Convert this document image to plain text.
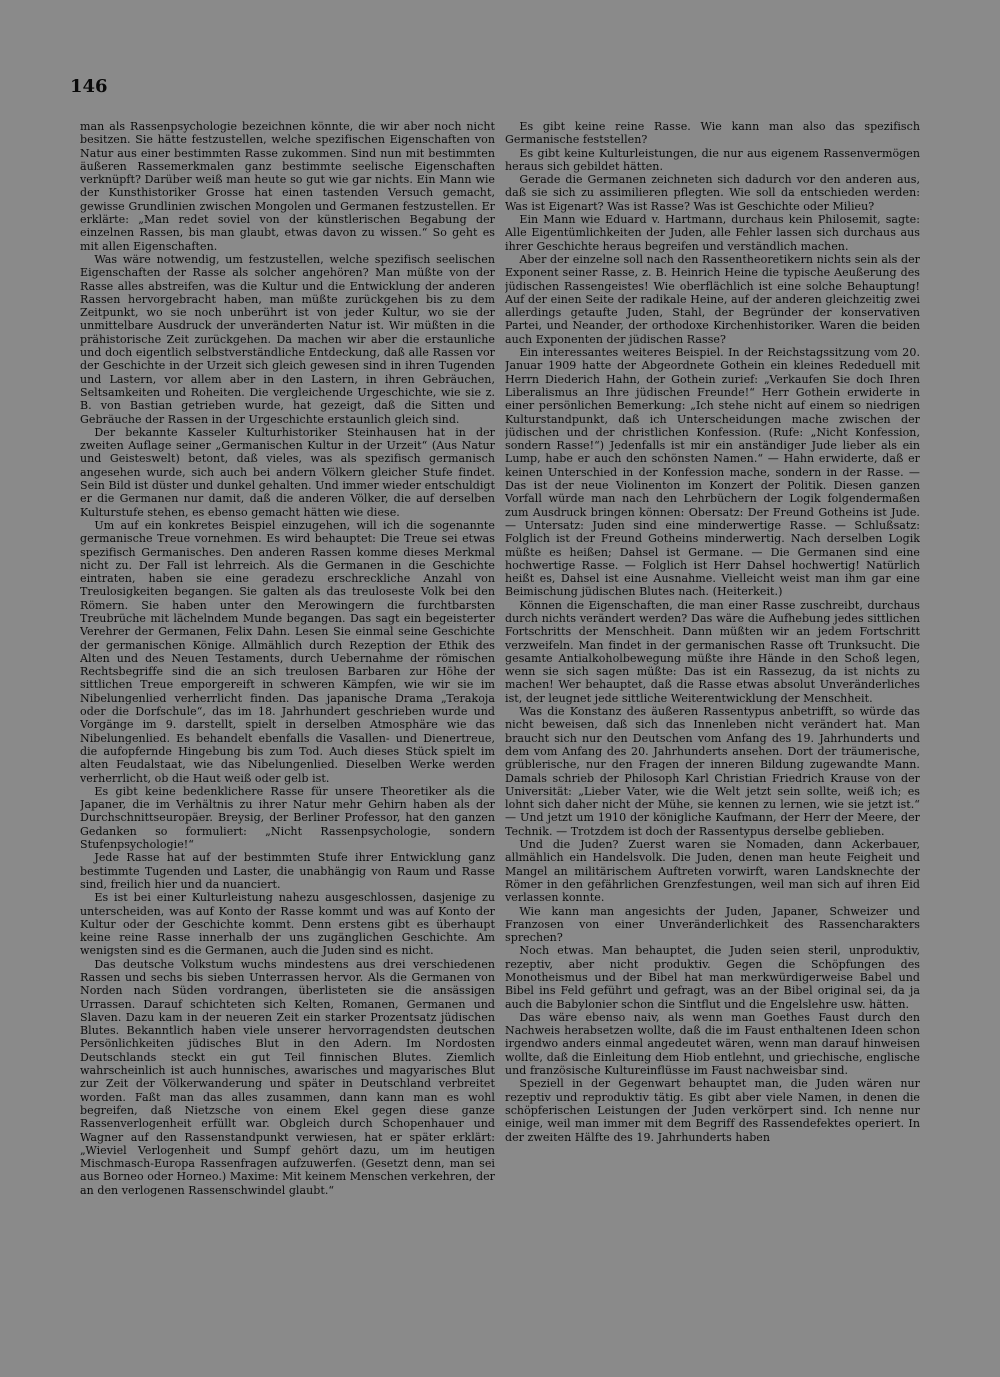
146

man als Rassenpsychologie bezeichnen könnte, die wir aber noch nicht besitzen. Sie hätte festzustellen, welche spezifischen Eigenschaften von Natur aus einer bestimmten Rasse zukommen. Sind nun mit bestimmten äußeren Rassemerkmalen ganz bestimmte seelische Eigenschaften verknüpft? Darüber weiß man heute so gut wie gar nichts. Ein Mann wie der Kunsthistoriker Grosse hat einen tastenden Versuch gemacht, gewisse Grundlinien zwischen Mongolen und Germanen festzustellen. Er erklärte: „Man redet soviel von der künstlerischen Begabung der einzelnen Rassen, bis man glaubt, etwas davon zu wissen.“ So geht es mit allen Eigenschaften.

Was wäre notwendig, um festzustellen, welche spezifisch seelischen Eigenschaften der Rasse als solcher angehören? Man müßte von der Rasse alles abstreifen, was die Kultur und die Entwicklung der anderen Rassen hervorgebracht haben, man müßte zurückgehen bis zu dem Zeitpunkt, wo sie noch unberührt ist von jeder Kultur, wo sie der unmittelbare Ausdruck der unveränderten Natur ist. Wir müßten in die prähistorische Zeit zurückgehen. Da machen wir aber die erstaunliche und doch eigentlich selbstverständliche Entdeckung, daß alle Rassen vor der Geschichte in der Urzeit sich gleich gewesen sind in ihren Tugenden und Lastern, vor allem aber in den Lastern, in ihren Gebräuchen, Seltsamkeiten und Roheiten. Die vergleichende Urgeschichte, wie sie z. B. von Bastian getrieben wurde, hat gezeigt, daß die Sitten und Gebräuche der Rassen in der Urgeschichte erstaunlich gleich sind.

Der bekannte Kasseler Kulturhistoriker Steinhausen hat in der zweiten Auflage seiner „Germanischen Kultur in der Urzeit“ (Aus Natur und Geisteswelt) betont, daß vieles, was als spezifisch germanisch angesehen wurde, sich auch bei andern Völkern gleicher Stufe findet. Sein Bild ist düster und dunkel gehalten. Und immer wieder entschuldigt er die Germanen nur damit, daß die anderen Völker, die auf derselben Kulturstufe stehen, es ebenso gemacht hätten wie diese.

Um auf ein konkretes Beispiel einzugehen, will ich die sogenannte germanische Treue vornehmen. Es wird behauptet: Die Treue sei etwas spezifisch Germanisches. Den anderen Rassen komme dieses Merkmal nicht zu. Der Fall ist lehrreich. Als die Germanen in die Geschichte eintraten, haben sie eine geradezu erschreckliche Anzahl von Treulosigkeiten begangen. Sie galten als das treuloseste Volk bei den Römern. Sie haben unter den Merowingern die furchtbarsten Treubrüche mit lächelndem Munde begangen. Das sagt ein begeisterter Verehrer der Germanen, Felix Dahn. Lesen Sie einmal seine Geschichte der germanischen Könige. Allmählich durch Rezeption der Ethik des Alten und des Neuen Testaments, durch Uebernahme der römischen Rechtsbegriffe sind die an sich treulosen Barbaren zur Höhe der sittlichen Treue emporgereift in schweren Kämpfen, wie wir sie im Nibelungenlied verherrlicht finden. Das japanische Drama „Terakoja oder die Dorfschule“, das im 18. Jahrhundert geschrieben wurde und Vorgänge im 9. darstellt, spielt in derselben Atmosphäre wie das Nibelungenlied. Es behandelt ebenfalls die Vasallen- und Dienertreue, die aufopfernde Hingebung bis zum Tod. Auch dieses Stück spielt im alten Feudalstaat, wie das Nibelungenlied. Dieselben Werke werden verherrlicht, ob die Haut weiß oder gelb ist.

Es gibt keine bedenklichere Rasse für unsere Theoretiker als die Japaner, die im Verhältnis zu ihrer Natur mehr Gehirn haben als der Durchschnittseuropäer. Breysig, der Berliner Professor, hat den ganzen Gedanken so formuliert: „Nicht Rassenpsychologie, sondern Stufenpsychologie!“

Jede Rasse hat auf der bestimmten Stufe ihrer Entwicklung ganz bestimmte Tugenden und Laster, die unabhängig von Raum und Rasse sind, freilich hier und da nuanciert.

Es ist bei einer Kulturleistung nahezu ausgeschlossen, dasjenige zu unterscheiden, was auf Konto der Rasse kommt und was auf Konto der Kultur oder der Geschichte kommt. Denn erstens gibt es überhaupt keine reine Rasse innerhalb der uns zugänglichen Geschichte. Am wenigsten sind es die Germanen, auch die Juden sind es nicht.

Das deutsche Volkstum wuchs mindestens aus drei verschiedenen Rassen und sechs bis sieben Unterrassen hervor. Als die Germanen von Norden nach Süden vordrangen, überlisteten sie die ansässigen Urrassen. Darauf schichteten sich Kelten, Romanen, Germanen und Slaven. Dazu kam in der neueren Zeit ein starker Prozentsatz jüdischen Blutes. Bekanntlich haben viele unserer hervorragendsten deutschen Persönlichkeiten jüdisches Blut in den Adern. Im Nordosten Deutschlands steckt ein gut Teil finnischen Blutes. Ziemlich wahrscheinlich ist auch hunnisches, awarisches und magyarisches Blut zur Zeit der Völkerwanderung und später in Deutschland verbreitet worden. Faßt man das alles zusammen, dann kann man es wohl begreifen, daß Nietzsche von einem Ekel gegen diese ganze Rassenverlogenheit erfüllt war. Obgleich durch Schopenhauer und Wagner auf den Rassenstandpunkt verwiesen, hat er später erklärt: „Wieviel Verlogenheit und Sumpf gehört dazu, um im heutigen Mischmasch-Europa Rassenfragen aufzuwerfen. (Gesetzt denn, man sei aus Borneo oder Horneo.) Maxime: Mit keinem Menschen verkehren, der an den verlogenen Rassenschwindel glaubt.“

Es gibt keine reine Rasse. Wie kann man also das spezifisch Germanische feststellen?

Es gibt keine Kulturleistungen, die nur aus eigenem Rassenvermögen heraus sich gebildet hätten.

Gerade die Germanen zeichneten sich dadurch vor den anderen aus, daß sie sich zu assimilieren pflegten. Wie soll da entschieden werden: Was ist Eigenart? Was ist Rasse? Was ist Geschichte oder Milieu?

Ein Mann wie Eduard v. Hartmann, durchaus kein Philosemit, sagte: Alle Eigentümlichkeiten der Juden, alle Fehler lassen sich durchaus aus ihrer Geschichte heraus begreifen und verständlich machen.

Aber der einzelne soll nach den Rassentheoretikern nichts sein als der Exponent seiner Rasse, z. B. Heinrich Heine die typische Aeußerung des jüdischen Rassengeistes! Wie oberflächlich ist eine solche Behauptung! Auf der einen Seite der radikale Heine, auf der anderen gleichzeitig zwei allerdings getaufte Juden, Stahl, der Begründer der konservativen Partei, und Neander, der orthodoxe Kirchenhistoriker. Waren die beiden auch Exponenten der jüdischen Rasse?

Ein interessantes weiteres Beispiel. In der Reichstagssitzung vom 20. Januar 1909 hatte der Abgeordnete Gothein ein kleines Rededuell mit Herrn Diederich Hahn, der Gothein zurief: „Verkaufen Sie doch Ihren Liberalismus an Ihre jüdischen Freunde!“ Herr Gothein erwiderte in einer persönlichen Bemerkung: „Ich stehe nicht auf einem so niedrigen Kulturstandpunkt, daß ich Unterscheidungen mache zwischen der jüdischen und der christlichen Konfession. (Rufe: „Nicht Konfession, sondern Rasse!“) Jedenfalls ist mir ein anständiger Jude lieber als ein Lump, habe er auch den schönsten Namen.“ — Hahn erwiderte, daß er keinen Unterschied in der Konfession mache, sondern in der Rasse. — Das ist der neue Violinenton im Konzert der Politik. Diesen ganzen Vorfall würde man nach den Lehrbüchern der Logik folgendermaßen zum Ausdruck bringen können: Obersatz: Der Freund Gotheins ist Jude. — Untersatz: Juden sind eine minderwertige Rasse. — Schlußsatz: Folglich ist der Freund Gotheins minderwertig. Nach derselben Logik müßte es heißen; Dahsel ist Germane. — Die Germanen sind eine hochwertige Rasse. — Folglich ist Herr Dahsel hochwertig! Natürlich heißt es, Dahsel ist eine Ausnahme. Vielleicht weist man ihm gar eine Beimischung jüdischen Blutes nach. (Heiterkeit.)

Können die Eigenschaften, die man einer Rasse zuschreibt, durchaus durch nichts verändert werden? Das wäre die Aufhebung jedes sittlichen Fortschritts der Menschheit. Dann müßten wir an jedem Fortschritt verzweifeln. Man findet in der germanischen Rasse oft Trunksucht. Die gesamte Antialkoholbewegung müßte ihre Hände in den Schoß legen, wenn sie sich sagen müßte: Das ist ein Rassezug, da ist nichts zu machen! Wer behauptet, daß die Rasse etwas absolut Unveränderliches ist, der leugnet jede sittliche Weiterentwicklung der Menschheit.

Was die Konstanz des äußeren Rassentypus anbetrifft, so würde das nicht beweisen, daß sich das Innenleben nicht verändert hat. Man braucht sich nur den Deutschen vom Anfang des 19. Jahrhunderts und dem vom Anfang des 20. Jahrhunderts ansehen. Dort der träumerische, grüblerische, nur den Fragen der inneren Bildung zugewandte Mann. Damals schrieb der Philosoph Karl Christian Friedrich Krause von der Universität: „Lieber Vater, wie die Welt jetzt sein sollte, weiß ich; es lohnt sich daher nicht der Mühe, sie kennen zu lernen, wie sie jetzt ist.“ — Und jetzt um 1910 der königliche Kaufmann, der Herr der Meere, der Technik. — Trotzdem ist doch der Rassentypus derselbe geblieben.

Und die Juden? Zuerst waren sie Nomaden, dann Ackerbauer, allmählich ein Handelsvolk. Die Juden, denen man heute Feigheit und Mangel an militärischem Auftreten vorwirft, waren Landsknechte der Römer in den gefährlichen Grenzfestungen, weil man sich auf ihren Eid verlassen konnte.

Wie kann man angesichts der Juden, Japaner, Schweizer und Franzosen von einer Unveränderlichkeit des Rassencharakters sprechen?

Noch etwas. Man behauptet, die Juden seien steril, unproduktiv, rezeptiv, aber nicht produktiv. Gegen die Schöpfungen des Monotheismus und der Bibel hat man merkwürdigerweise Babel und Bibel ins Feld geführt und gefragt, was an der Bibel original sei, da ja auch die Babylonier schon die Sintflut und die Engelslehre usw. hätten.

Das wäre ebenso naiv, als wenn man Goethes Faust durch den Nachweis herabsetzen wollte, daß die im Faust enthaltenen Ideen schon irgendwo anders einmal angedeutet wären, wenn man darauf hinweisen wollte, daß die Einleitung dem Hiob entlehnt, und griechische, englische und französische Kultureinflüsse im Faust nachweisbar sind.

Speziell in der Gegenwart behauptet man, die Juden wären nur rezeptiv und reproduktiv tätig. Es gibt aber viele Namen, in denen die schöpferischen Leistungen der Juden verkörpert sind. Ich nenne nur einige, weil man immer mit dem Begriff des Rassendefektes operiert. In der zweiten Hälfte des 19. Jahrhunderts haben
